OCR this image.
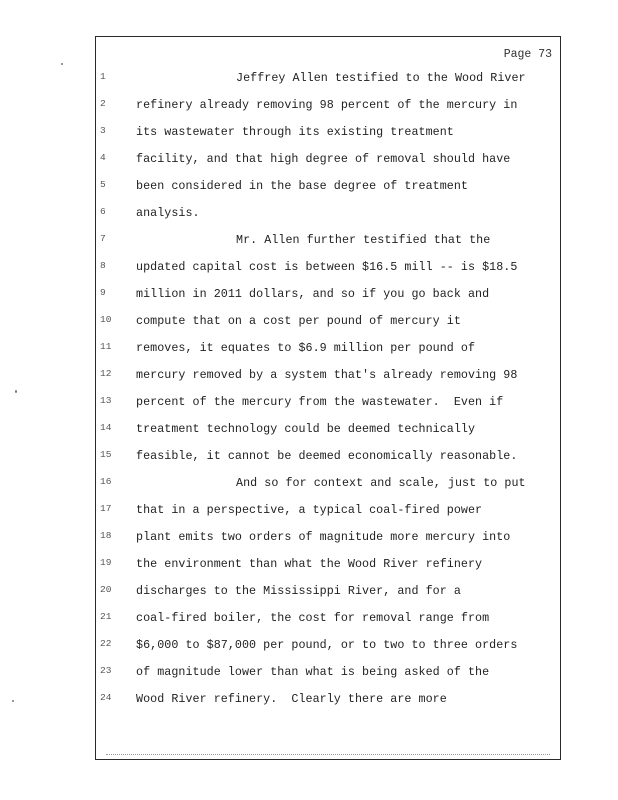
Page 73
1	Jeffrey Allen testified to the Wood River
2	refinery already removing 98 percent of the mercury in
3	its wastewater through its existing treatment
4	facility, and that high degree of removal should have
5	been considered in the base degree of treatment
6	analysis.
7	Mr. Allen further testified that the
8	updated capital cost is between $16.5 mill -- is $18.5
9	million in 2011 dollars, and so if you go back and
10	compute that on a cost per pound of mercury it
11	removes, it equates to $6.9 million per pound of
12	mercury removed by a system that's already removing 98
13	percent of the mercury from the wastewater.  Even if
14	treatment technology could be deemed technically
15	feasible, it cannot be deemed economically reasonable.
16	And so for context and scale, just to put
17	that in a perspective, a typical coal-fired power
18	plant emits two orders of magnitude more mercury into
19	the environment than what the Wood River refinery
20	discharges to the Mississippi River, and for a
21	coal-fired boiler, the cost for removal range from
22	$6,000 to $87,000 per pound, or to two to three orders
23	of magnitude lower than what is being asked of the
24	Wood River refinery.  Clearly there are more
